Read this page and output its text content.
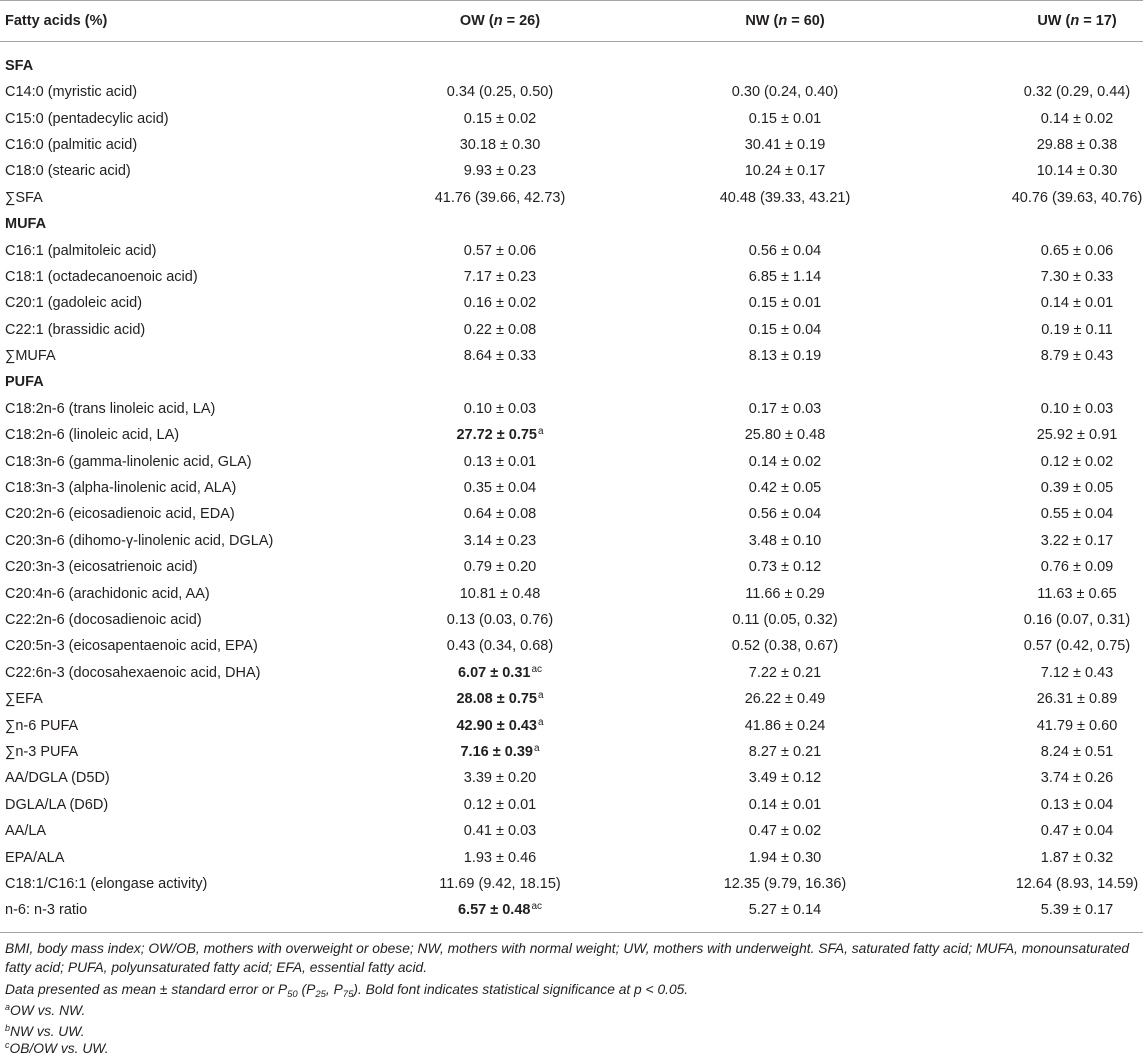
Fatty acids (%)	OW (n = 26)	NW (n = 60)	UW (n = 17)
SFA
C14:0 (myristic acid)	0.34 (0.25, 0.50)	0.30 (0.24, 0.40)	0.32 (0.29, 0.44)
C15:0 (pentadecylic acid)	0.15 ± 0.02	0.15 ± 0.01	0.14 ± 0.02
C16:0 (palmitic acid)	30.18 ± 0.30	30.41 ± 0.19	29.88 ± 0.38
C18:0 (stearic acid)	9.93 ± 0.23	10.24 ± 0.17	10.14 ± 0.30
∑SFA	41.76 (39.66, 42.73)	40.48 (39.33, 43.21)	40.76 (39.63, 40.76)
MUFA
C16:1 (palmitoleic acid)	0.57 ± 0.06	0.56 ± 0.04	0.65 ± 0.06
C18:1 (octadecanoenoic acid)	7.17 ± 0.23	6.85 ± 1.14	7.30 ± 0.33
C20:1 (gadoleic acid)	0.16 ± 0.02	0.15 ± 0.01	0.14 ± 0.01
C22:1 (brassidic acid)	0.22 ± 0.08	0.15 ± 0.04	0.19 ± 0.11
∑MUFA	8.64 ± 0.33	8.13 ± 0.19	8.79 ± 0.43
PUFA
C18:2n-6 (trans linoleic acid, LA)	0.10 ± 0.03	0.17 ± 0.03	0.10 ± 0.03
C18:2n-6 (linoleic acid, LA)	27.72 ± 0.75$^a$	25.80 ± 0.48	25.92 ± 0.91
C18:3n-6 (gamma-linolenic acid, GLA)	0.13 ± 0.01	0.14 ± 0.02	0.12 ± 0.02
C18:3n-3 (alpha-linolenic acid, ALA)	0.35 ± 0.04	0.42 ± 0.05	0.39 ± 0.05
C20:2n-6 (eicosadienoic acid, EDA)	0.64 ± 0.08	0.56 ± 0.04	0.55 ± 0.04
C20:3n-6 (dihomo-γ-linolenic acid, DGLA)	3.14 ± 0.23	3.48 ± 0.10	3.22 ± 0.17
C20:3n-3 (eicosatrienoic acid)	0.79 ± 0.20	0.73 ± 0.12	0.76 ± 0.09
C20:4n-6 (arachidonic acid, AA)	10.81 ± 0.48	11.66 ± 0.29	11.63 ± 0.65
C22:2n-6 (docosadienoic acid)	0.13 (0.03, 0.76)	0.11 (0.05, 0.32)	0.16 (0.07, 0.31)
C20:5n-3 (eicosapentaenoic acid, EPA)	0.43 (0.34, 0.68)	0.52 (0.38, 0.67)	0.57 (0.42, 0.75)
C22:6n-3 (docosahexaenoic acid, DHA)	6.07 ± 0.31$^{ac}$	7.22 ± 0.21	7.12 ± 0.43
∑EFA	28.08 ± 0.75$^a$	26.22 ± 0.49	26.31 ± 0.89
∑n-6 PUFA	42.90 ± 0.43$^a$	41.86 ± 0.24	41.79 ± 0.60
∑n-3 PUFA	7.16 ± 0.39$^a$	8.27 ± 0.21	8.24 ± 0.51
AA/DGLA (D5D)	3.39 ± 0.20	3.49 ± 0.12	3.74 ± 0.26
DGLA/LA (D6D)	0.12 ± 0.01	0.14 ± 0.01	0.13 ± 0.04
AA/LA	0.41 ± 0.03	0.47 ± 0.02	0.47 ± 0.04
EPA/ALA	1.93 ± 0.46	1.94 ± 0.30	1.87 ± 0.32
C18:1/C16:1 (elongase activity)	11.69 (9.42, 18.15)	12.35 (9.79, 16.36)	12.64 (8.93, 14.59)
n-6: n-3 ratio	6.57 ± 0.48$^{ac}$	5.27 ± 0.14	5.39 ± 0.17

BMI, body mass index; OW/OB, mothers with overweight or obese; NW, mothers with normal weight; UW, mothers with underweight. SFA, saturated fatty acid; MUFA, monounsaturated fatty acid; PUFA, polyunsaturated fatty acid; EFA, essential fatty acid.

Data presented as mean ± standard error or $P_{50}$ ($P_{25}$, $P_{75}$). Bold font indicates statistical significance at p < 0.05.

$^a$OW vs. NW.

$^b$NW vs. UW.

$^c$OB/OW vs. UW.
